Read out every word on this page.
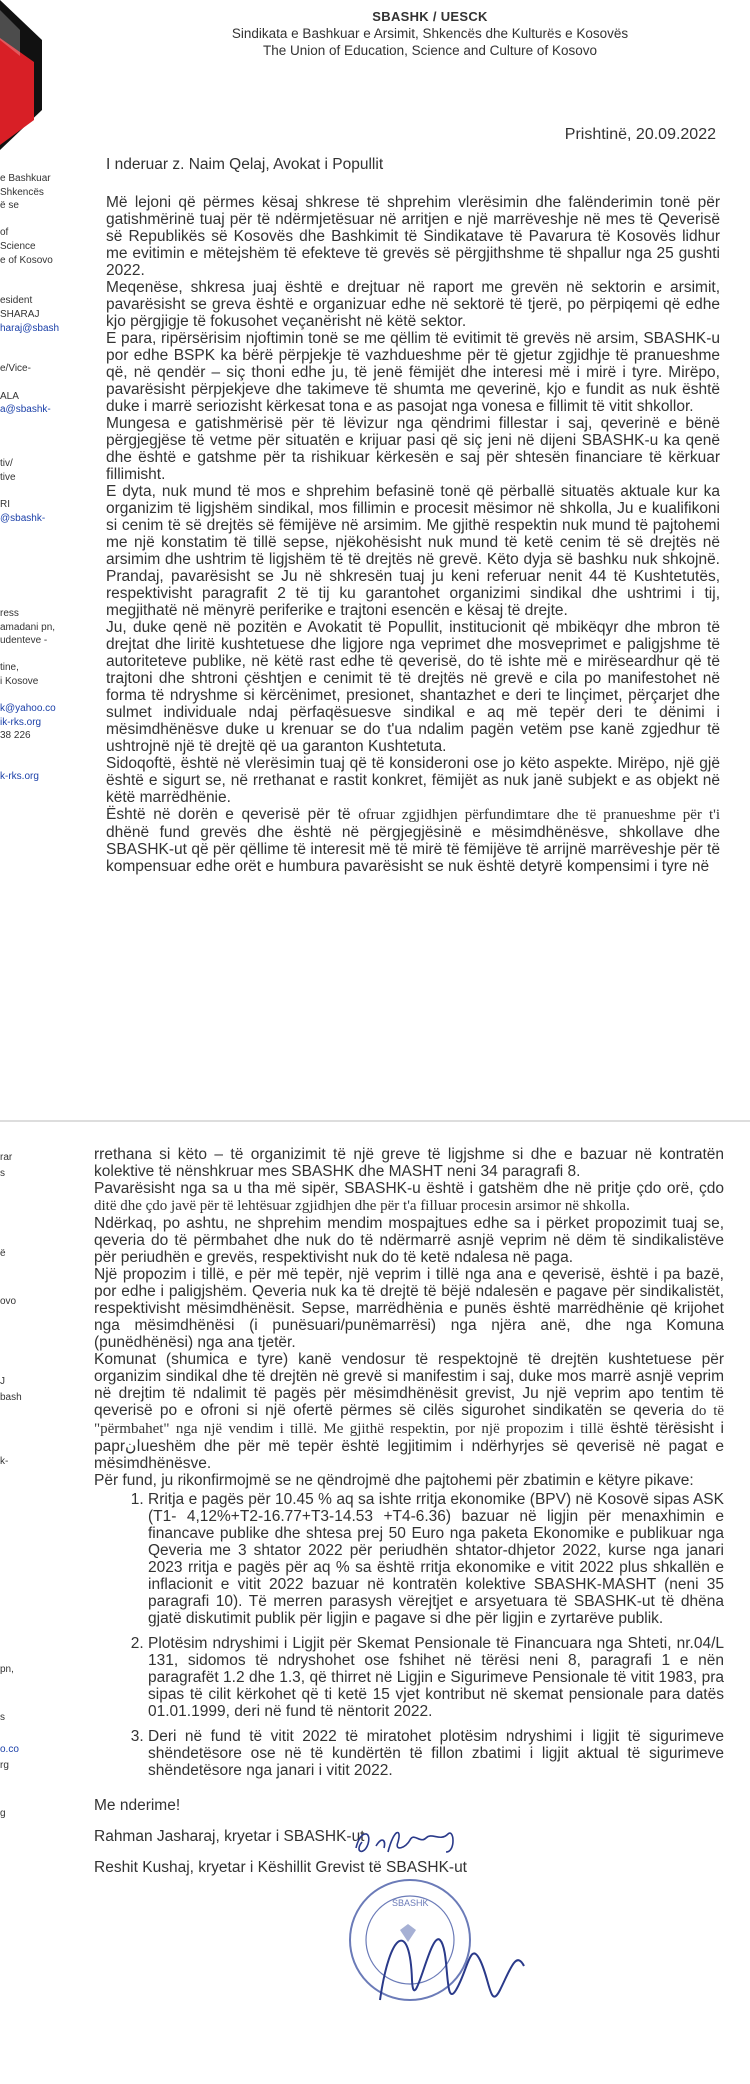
SBASHK / UESCK
Sindikata e Bashkuar e Arsimit, Shkencës dhe Kulturës e Kosovës
The Union of Education, Science and Culture of Kosovo
Prishtinë, 20.09.2022
e Bashkuar
Shkencës
ë se
of
Science
e of Kosovo
esident
SHARAJ
haraj@sbash
e/Vice-
ALA
a@sbashk-
tiv/
tive
RI
@sbashk-
ress
amadani pn,
udenteve -
tine,
i Kosove
k@yahoo.co
ik-rks.org
38 226
k-rks.org

I nderuar z. Naim Qelaj, Avokat i Popullit

Më lejoni që përmes kësaj shkrese të shprehim vlerësimin dhe falënderimin tonë për gatishmërinë tuaj për të ndërmjetësuar në arritjen e një marrëveshje në mes të Qeverisë së Republikës së Kosovës dhe Bashkimit të Sindikatave të Pavarura të Kosovës lidhur me evitimin e mëtejshëm të efekteve të grevës së përgjithshme të shpallur nga 25 gushti 2022.

Meqenëse, shkresa juaj është e drejtuar në raport me grevën në sektorin e arsimit, pavarësisht se greva është e organizuar edhe në sektorë të tjerë, po përpiqemi që edhe kjo përgjigje të fokusohet veçanërisht në këtë sektor.

E para, ripërsërisim njoftimin tonë se me qëllim të evitimit të grevës në arsim, SBASHK-u por edhe BSPK ka bërë përpjekje të vazhdueshme për të gjetur zgjidhje të pranueshme që, në qendër – siç thoni edhe ju, të jenë fëmijët dhe interesi më i mirë i tyre. Mirëpo, pavarësisht përpjekjeve dhe takimeve të shumta me qeverinë, kjo e fundit as nuk është duke i marrë seriozisht kërkesat tona e as pasojat nga vonesa e fillimit të vitit shkollor.

Mungesa e gatishmërisë për të lëvizur nga qëndrimi fillestar i saj, qeverinë e bënë përgjegjëse të vetme për situatën e krijuar pasi që siç jeni në dijeni SBASHK-u ka qenë dhe është e gatshme për ta rishikuar kërkesën e saj për shtesën financiare të kërkuar fillimisht.

E dyta, nuk mund të mos e shprehim befasinë tonë që përballë situatës aktuale kur ka organizim të ligjshëm sindikal, mos fillimin e procesit mësimor në shkolla, Ju e kualifikoni si cenim të së drejtës së fëmijëve në arsimim. Me gjithë respektin nuk mund të pajtohemi me një konstatim të tillë sepse, njëkohësisht nuk mund të ketë cenim të së drejtës në arsimim dhe ushtrim të ligjshëm të të drejtës në grevë. Këto dyja së bashku nuk shkojnë. Prandaj, pavarësisht se Ju në shkresën tuaj ju keni referuar nenit 44 të Kushtetutës, respektivisht paragrafit 2 të tij ku garantohet organizimi sindikal dhe ushtrimi i tij, megjithatë në mënyrë periferike e trajtoni esencën e kësaj të drejte.

Ju, duke qenë në pozitën e Avokatit të Popullit, institucionit që mbikëqyr dhe mbron të drejtat dhe liritë kushtetuese dhe ligjore nga veprimet dhe mosveprimet e paligjshme të autoriteteve publike, në këtë rast edhe të qeverisë, do të ishte më e mirëseardhur që të trajtoni dhe shtroni çështjen e cenimit të të drejtës në grevë e cila po manifestohet në forma të ndryshme si kërcënimet, presionet, shantazhet e deri te linçimet, përçarjet dhe sulmet individuale ndaj përfaqësuesve sindikal e aq më tepër deri te dënimi i mësimdhënësve duke u krenuar se do t'ua ndalim pagën vetëm pse kanë zgjedhur të ushtrojnë një të drejtë që ua garanton Kushtetuta.

Sidoqoftë, është në vlerësimin tuaj që të konsideroni ose jo këto aspekte. Mirëpo, një gjë është e sigurt se, në rrethanat e rastit konkret, fëmijët as nuk janë subjekt e as objekt në këtë marrëdhënie.

Është në dorën e qeverisë për të ofruar zgjidhjen përfundimtare dhe të pranueshme për t'i dhënë fund grevës dhe është në përgjegjësinë e mësimdhënësve, shkollave dhe SBASHK-ut që për qëllime të interesit më të mirë të fëmijëve të arrijnë marrëveshje për të kompensuar edhe orët e humbura pavarësisht se nuk është detyrë kompensimi i tyre në

rar
s
ë
ovo
J
bash
k-
pn,
s
o.co
rg
g

rrethana si këto – të organizimit të një greve të ligjshme si dhe e bazuar në kontratën kolektive të nënshkruar mes SBASHK dhe MASHT neni 34 paragrafi 8.

Pavarësisht nga sa u tha më sipër, SBASHK-u është i gatshëm dhe në pritje çdo orë, çdo ditë dhe çdo javë për të lehtësuar zgjidhjen dhe për t'a filluar procesin arsimor në shkolla.

Ndërkaq, po ashtu, ne shprehim mendim mospajtues edhe sa i përket propozimit tuaj se, qeveria do të përmbahet dhe nuk do të ndërmarrë asnjë veprim në dëm të sindikalistëve për periudhën e grevës, respektivisht nuk do të ketë ndalesa në paga.

Një propozim i tillë, e për më tepër, një veprim i tillë nga ana e qeverisë, është i pa bazë, por edhe i paligjshëm. Qeveria nuk ka të drejtë të bëjë ndalesën e pagave për sindikalistët, respektivisht mësimdhënësit. Sepse, marrëdhënia e punës është marrëdhënie që krijohet nga mësimdhënësi (i punësuari/punëmarrësi) nga njëra anë, dhe nga Komuna (punëdhënësi) nga ana tjetër.

Komunat (shumica e tyre) kanë vendosur të respektojnë të drejtën kushtetuese për organizim sindikal dhe të drejtën në grevë si manifestim i saj, duke mos marrë asnjë veprim në drejtim të ndalimit të pagës për mësimdhënësit grevist, Ju një veprim apo tentim të qeverisë po e ofroni si një ofertë përmes së cilës sigurohet sindikatën se qeveria do të "përmbahet" nga një vendim i tillë. Me gjithë respektin, por një propozim i tillë është tërësisht i paprانueshëm dhe për më tepër është legjitimim i ndërhyrjes së qeverisë në pagat e mësimdhënësve.

Për fund, ju rikonfirmojmë se ne qëndrojmë dhe pajtohemi për zbatimin e këtyre pikave:

1. Rritja e pagës për 10.45 % aq sa ishte rritja ekonomike (BPV) në Kosovë sipas ASK (T1- 4,12%+T2-16.77+T3-14.53 +T4-6.36) bazuar në ligjin për menaxhimin e financave publike dhe shtesa prej 50 Euro nga paketa Ekonomike e publikuar nga Qeveria me 3 shtator 2022 për periudhën shtator-dhjetor 2022, kurse nga janari 2023 rritja e pagës për aq % sa është rritja ekonomike e vitit 2022 plus shkallën e inflacionit e vitit 2022 bazuar në kontratën kolektive SBASHK-MASHT (neni 35 paragrafi 10). Të merren parasysh vërejtjet e arsyetuara të SBASHK-ut të dhëna gjatë diskutimit publik për ligjin e pagave si dhe për ligjin e zyrtarëve publik.
2. Plotësim ndryshimi i Ligjit për Skemat Pensionale të Financuara nga Shteti, nr.04/L 131, sidomos të ndryshohet ose fshihet në tërësi neni 8, paragrafi 1 e nën paragrafët 1.2 dhe 1.3, që thirret në Ligjin e Sigurimeve Pensionale të vitit 1983, pra sipas të cilit kërkohet që ti ketë 15 vjet kontribut në skemat pensionale para datës 01.01.1999, deri në fund të nëntorit 2022.
3. Deri në fund të vitit 2022 të miratohet plotësim ndryshimi i ligjit të sigurimeve shëndetësore ose në të kundërtën të fillon zbatimi i ligjit aktual të sigurimeve shëndetësore nga janari i vitit 2022.
Me nderime!
Rahman Jasharaj, kryetar i SBASHK-ut
Reshit Kushaj, kryetar i Këshillit Grevist të SBASHK-ut
SBASHK
